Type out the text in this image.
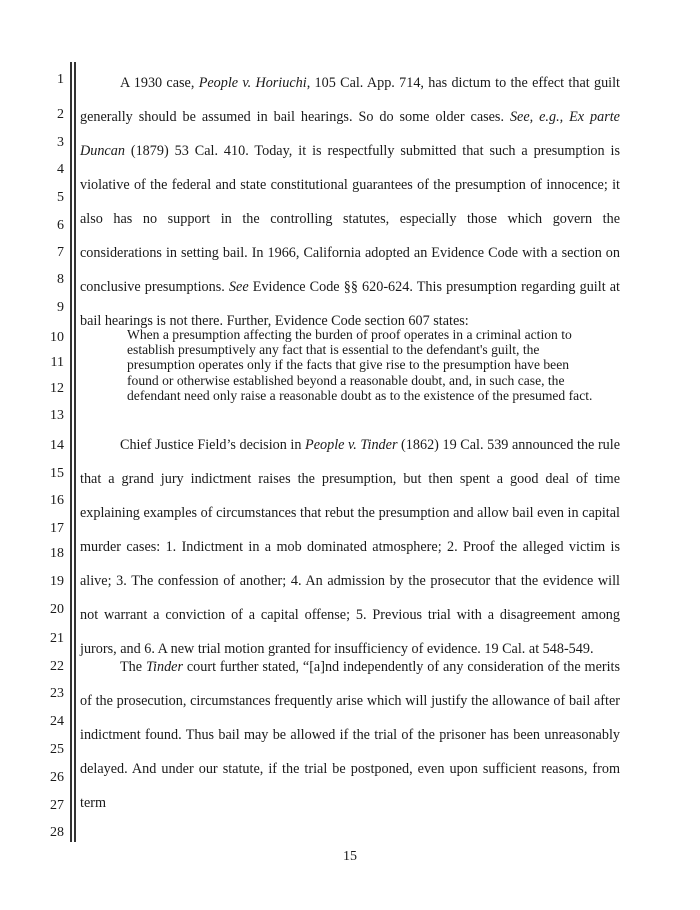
1
2
3
4
5
6
7
8
9
10
11
12
13
14
15
16
17
18
19
20
21
22
23
24
25
26
27
28
A 1930 case, People v. Horiuchi, 105 Cal. App. 714, has dictum to the effect that guilt generally should be assumed in bail hearings. So do some older cases. See, e.g., Ex parte Duncan (1879) 53 Cal. 410. Today, it is respectfully submitted that such a presumption is violative of the federal and state constitutional guarantees of the presumption of innocence; it also has no support in the controlling statutes, especially those which govern the considerations in setting bail. In 1966, California adopted an Evidence Code with a section on conclusive presumptions. See Evidence Code §§ 620-624. This presumption regarding guilt at bail hearings is not there. Further, Evidence Code section 607 states:
When a presumption affecting the burden of proof operates in a criminal action to establish presumptively any fact that is essential to the defendant's guilt, the presumption operates only if the facts that give rise to the presumption have been found or otherwise established beyond a reasonable doubt, and, in such case, the defendant need only raise a reasonable doubt as to the existence of the presumed fact.
Chief Justice Field’s decision in People v. Tinder (1862) 19 Cal. 539 announced the rule that a grand jury indictment raises the presumption, but then spent a good deal of time explaining examples of circumstances that rebut the presumption and allow bail even in capital murder cases: 1. Indictment in a mob dominated atmosphere; 2. Proof the alleged victim is alive; 3. The confession of another; 4. An admission by the prosecutor that the evidence will not warrant a conviction of a capital offense; 5. Previous trial with a disagreement among jurors, and 6. A new trial motion granted for insufficiency of evidence. 19 Cal. at 548-549.
The Tinder court further stated, “[a]nd independently of any consideration of the merits of the prosecution, circumstances frequently arise which will justify the allowance of bail after indictment found. Thus bail may be allowed if the trial of the prisoner has been unreasonably delayed. And under our statute, if the trial be postponed, even upon sufficient reasons, from term
15
